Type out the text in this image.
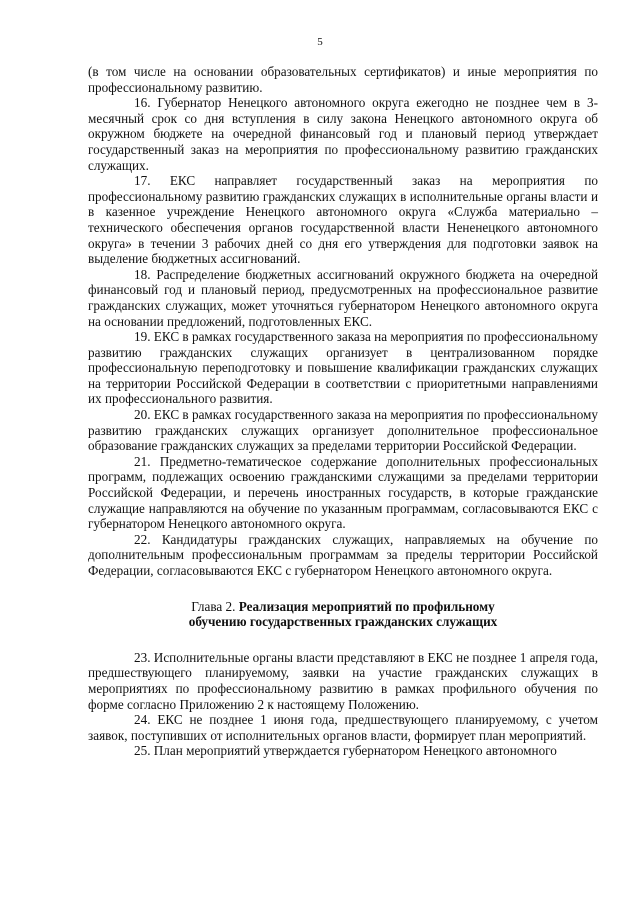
5

(в том числе на основании образовательных сертификатов) и иные мероприятия по профессиональному развитию.

16. Губернатор Ненецкого автономного округа ежегодно не позднее чем в 3-месячный срок со дня вступления в силу закона Ненецкого автономного округа об окружном бюджете на очередной финансовый год и плановый период утверждает государственный заказ на мероприятия по профессиональному развитию гражданских служащих.

17. ЕКС направляет государственный заказ на мероприятия по профессиональному развитию гражданских служащих в исполнительные органы власти и в казенное учреждение Ненецкого автономного округа «Служба материально – технического обеспечения органов государственной власти Нененецкого автономного округа» в течении 3 рабочих дней со дня его утверждения для подготовки заявок на выделение бюджетных ассигнований.

18. Распределение бюджетных ассигнований окружного бюджета на очередной финансовый год и плановый период, предусмотренных на профессиональное развитие гражданских служащих, может уточняться губернатором Ненецкого автономного округа на основании предложений, подготовленных ЕКС.

19. ЕКС в рамках государственного заказа на мероприятия по профессиональному развитию гражданских служащих организует в централизованном порядке профессиональную переподготовку и повышение квалификации гражданских служащих на территории Российской Федерации в соответствии с приоритетными направлениями их профессионального развития.

20. ЕКС в рамках государственного заказа на мероприятия по профессиональному развитию гражданских служащих организует дополнительное профессиональное образование гражданских служащих за пределами территории Российской Федерации.

21. Предметно-тематическое содержание дополнительных профессиональных программ, подлежащих освоению гражданскими служащими за пределами территории Российской Федерации, и перечень иностранных государств, в которые гражданские служащие направляются на обучение по указанным программам, согласовываются ЕКС с губернатором Ненецкого автономного округа.

22. Кандидатуры гражданских служащих, направляемых на обучение по дополнительным профессиональным программам за пределы территории Российской Федерации, согласовываются ЕКС с губернатором Ненецкого автономного округа.

Глава 2. Реализация мероприятий по профильному
обучению государственных гражданских служащих

23. Исполнительные органы власти представляют в ЕКС не позднее 1 апреля года, предшествующего планируемому, заявки на участие гражданских служащих в мероприятиях по профессиональному развитию в рамках профильного обучения по форме согласно Приложению 2 к настоящему Положению.

24. ЕКС не позднее 1 июня года, предшествующего планируемому, с учетом заявок, поступивших от исполнительных органов власти, формирует план мероприятий.

25. План мероприятий утверждается губернатором Ненецкого автономного
